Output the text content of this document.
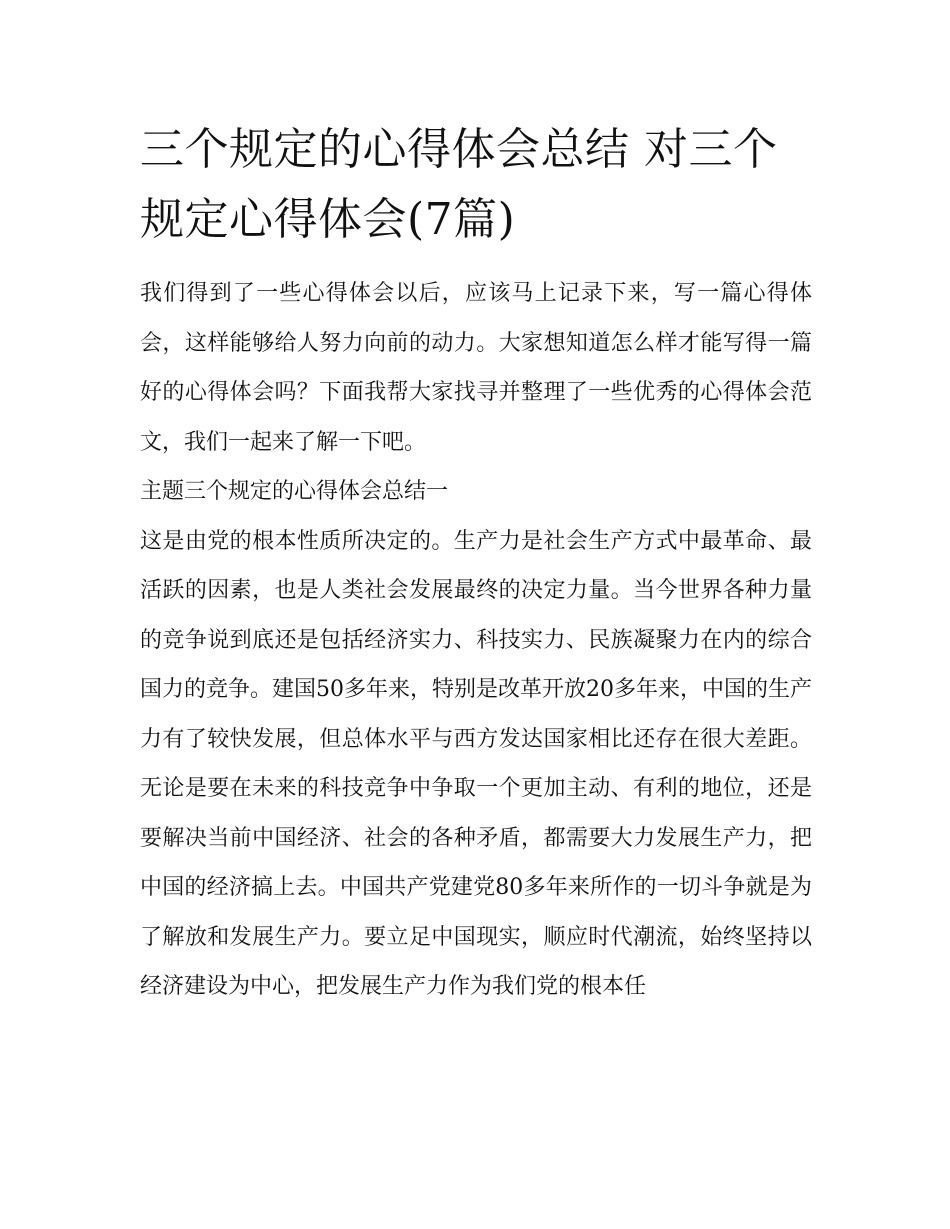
三个规定的心得体会总结 对三个规定心得体会(7篇)

我们得到了一些心得体会以后，应该马上记录下来，写一篇心得体会，这样能够给人努力向前的动力。大家想知道怎么样才能写得一篇好的心得体会吗？下面我帮大家找寻并整理了一些优秀的心得体会范文，我们一起来了解一下吧。

主题三个规定的心得体会总结一

这是由党的根本性质所决定的。生产力是社会生产方式中最革命、最活跃的因素，也是人类社会发展最终的决定力量。当今世界各种力量的竞争说到底还是包括经济实力、科技实力、民族凝聚力在内的综合国力的竞争。建国50多年来，特别是改革开放20多年来，中国的生产力有了较快发展，但总体水平与西方发达国家相比还存在很大差距。无论是要在未来的科技竞争中争取一个更加主动、有利的地位，还是要解决当前中国经济、社会的各种矛盾，都需要大力发展生产力，把中国的经济搞上去。中国共产党建党80多年来所作的一切斗争就是为了解放和发展生产力。要立足中国现实，顺应时代潮流，始终坚持以经济建设为中心，把发展生产力作为我们党的根本任
